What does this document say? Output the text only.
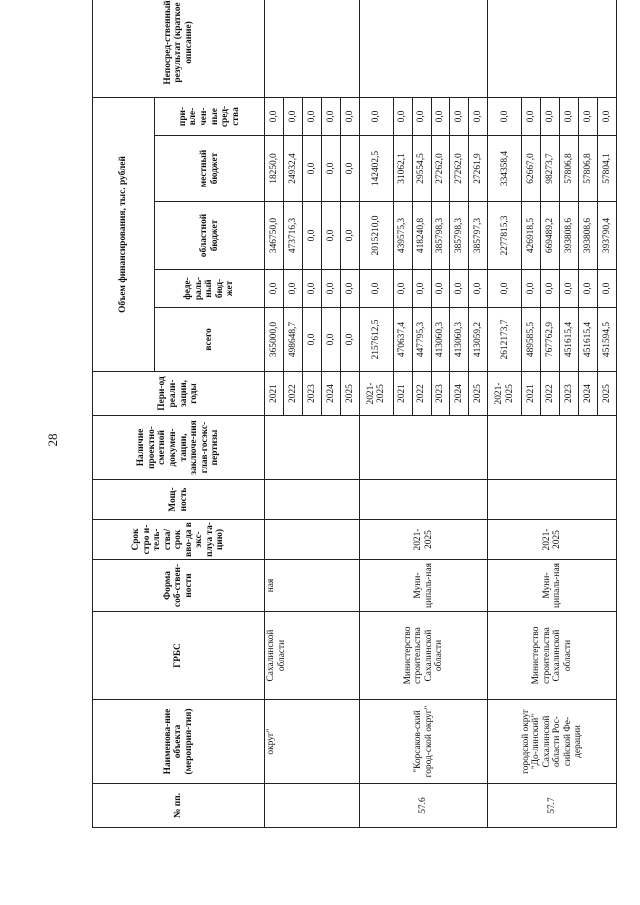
28
№ пп.	Наименова-ние объекта (мероприя-тия)	ГРБС	Форма соб-ствен-ности	Срок стро и-тель-ства/ срок вво-да в экс-плуа та-цию)	Мощ-ность	Наличие проектно-сметной докумен-тации, заключе-ния глав-госэкс-пертизы	Пери-од реали-зации, годы	Объем финансирования, тыс. рублей					Непосред-ственный результат (краткое описание)
								всего	феде-раль-ный бюд-жет	областной бюджет	местный бюджет	при-вле-чен-ные сред-ства	
	округ"	Сахалинской области	ная				2021	365000,0	0,0	346750,0	18250,0	0,0	
							2022	498648,7	0,0	473716,3	24932,4	0,0	
							2023	0,0	0,0	0,0	0,0	0,0	
							2024	0,0	0,0	0,0	0,0	0,0	
							2025	0,0	0,0	0,0	0,0	0,0	
57.6	"Корсаков-ский город-ской округ"	Министерство строительства Сахалинской области	Муни-ципаль-ная	2021-2025			2021-2025	2157612,5	0,0	2015210,0	142402,5	0,0	
							2021	470637,4	0,0	439575,3	31062,1	0,0	
							2022	447795,3	0,0	418240,8	29554,5	0,0	
							2023	413060,3	0,0	385798,3	27262,0	0,0	
							2024	413060,3	0,0	385798,3	27262,0	0,0	
							2025	413059,2	0,0	385797,3	27261,9	0,0	
57.7	городской округ "До-линский" Сахалинской области Рос-сийской Фе-дерации	Министерство строительства Сахалинской области	Муни-ципаль-ная	2021-2025			2021-2025	2612173,7	0,0	2277815,3	334358,4	0,0	
							2021	489585,5	0,0	426918,5	62667,0	0,0	
							2022	767762,9	0,0	669489,2	98273,7	0,0	
							2023	451615,4	0,0	393808,6	57806,8	0,0	
							2024	451615,4	0,0	393808,6	57806,8	0,0	
							2025	451594,5	0,0	393790,4	57804,1	0,0	
